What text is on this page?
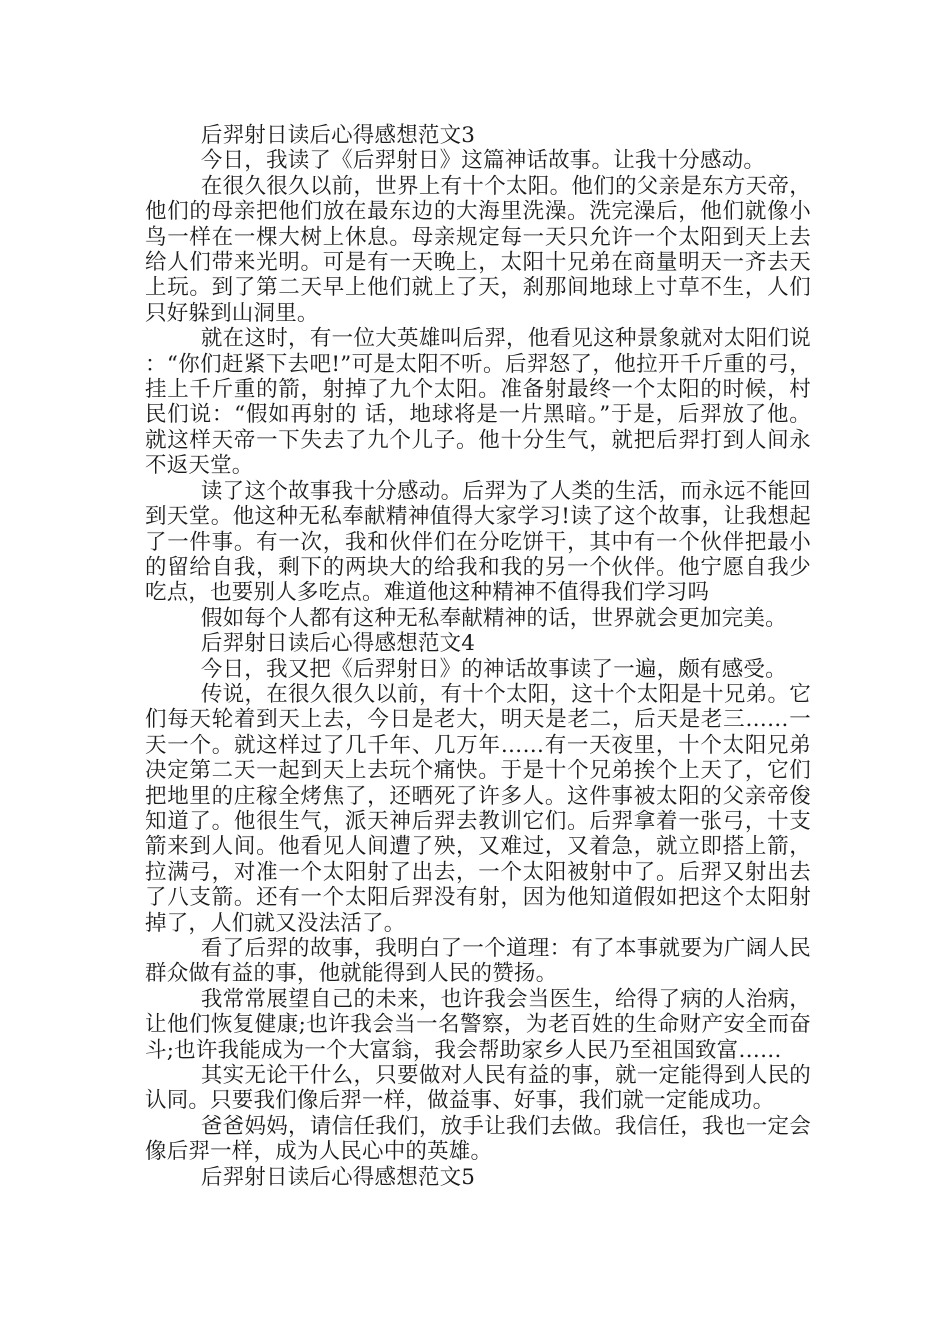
后羿射日读后心得感想范文3

今日，我读了《后羿射日》这篇神话故事。让我十分感动。

在很久很久以前，世界上有十个太阳。他们的父亲是东方天帝，他们的母亲把他们放在最东边的大海里洗澡。洗完澡后，他们就像小鸟一样在一棵大树上休息。母亲规定每一天只允许一个太阳到天上去给人们带来光明。可是有一天晚上，太阳十兄弟在商量明天一齐去天上玩。到了第二天早上他们就上了天，刹那间地球上寸草不生，人们只好躲到山洞里。

就在这时，有一位大英雄叫后羿，他看见这种景象就对太阳们说：“你们赶紧下去吧!”可是太阳不听。后羿怒了，他拉开千斤重的弓，挂上千斤重的箭，射掉了九个太阳。准备射最终一个太阳的时候，村民们说：“假如再射的 话，地球将是一片黑暗。”于是，后羿放了他。就这样天帝一下失去了九个儿子。他十分生气，就把后羿打到人间永不返天堂。

读了这个故事我十分感动。后羿为了人类的生活，而永远不能回到天堂。他这种无私奉献精神值得大家学习!读了这个故事，让我想起了一件事。有一次，我和伙伴们在分吃饼干，其中有一个伙伴把最小的留给自我，剩下的两块大的给我和我的另一个伙伴。他宁愿自我少吃点，也要别人多吃点。难道他这种精神不值得我们学习吗

假如每个人都有这种无私奉献精神的话，世界就会更加完美。

后羿射日读后心得感想范文4

今日，我又把《后羿射日》的神话故事读了一遍，颇有感受。

传说，在很久很久以前，有十个太阳，这十个太阳是十兄弟。它们每天轮着到天上去，今日是老大，明天是老二，后天是老三……一天一个。就这样过了几千年、几万年……有一天夜里，十个太阳兄弟决定第二天一起到天上去玩个痛快。于是十个兄弟挨个上天了，它们把地里的庄稼全烤焦了，还晒死了许多人。这件事被太阳的父亲帝俊知道了。他很生气，派天神后羿去教训它们。后羿拿着一张弓，十支箭来到人间。他看见人间遭了殃，又难过，又着急，就立即搭上箭，拉满弓，对准一个太阳射了出去，一个太阳被射中了。后羿又射出去了八支箭。还有一个太阳后羿没有射，因为他知道假如把这个太阳射掉了，人们就又没法活了。

看了后羿的故事，我明白了一个道理：有了本事就要为广阔人民群众做有益的事，他就能得到人民的赞扬。

我常常展望自己的未来，也许我会当医生，给得了病的人治病，让他们恢复健康;也许我会当一名警察，为老百姓的生命财产安全而奋斗;也许我能成为一个大富翁，我会帮助家乡人民乃至祖国致富……

其实无论干什么，只要做对人民有益的事，就一定能得到人民的认同。只要我们像后羿一样，做益事、好事，我们就一定能成功。

爸爸妈妈，请信任我们，放手让我们去做。我信任，我也一定会像后羿一样，成为人民心中的英雄。

后羿射日读后心得感想范文5
